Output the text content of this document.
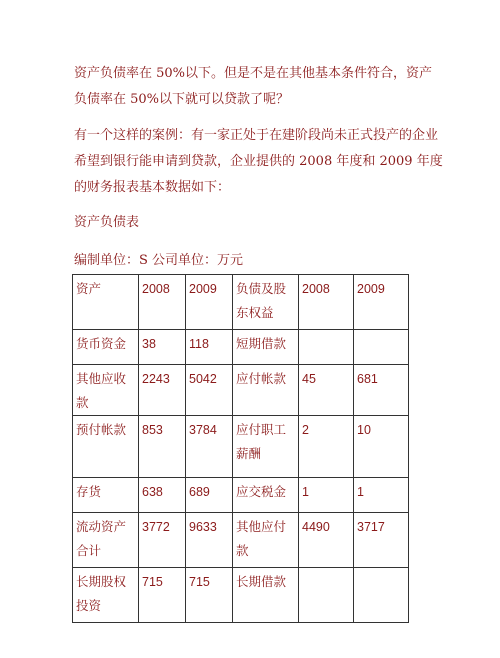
资产负债率在 50%以下。但是不是在其他基本条件符合，资产负债率在 50%以下就可以贷款了呢？

有一个这样的案例：有一家正处于在建阶段尚未正式投产的企业希望到银行能申请到贷款，企业提供的 2008 年度和 2009 年度的财务报表基本数据如下：

资产负债表

编制单位：S 公司单位：万元

资产	2008	2009	负债及股东权益	2008	2009
货币资金	38	118	短期借款		
其他应收款	2243	5042	应付帐款	45	681
预付帐款	853	3784	应付职工薪酬	2	10
存货	638	689	应交税金	1	1
流动资产合计	3772	9633	其他应付款	4490	3717
长期股权投资	715	715	长期借款		
